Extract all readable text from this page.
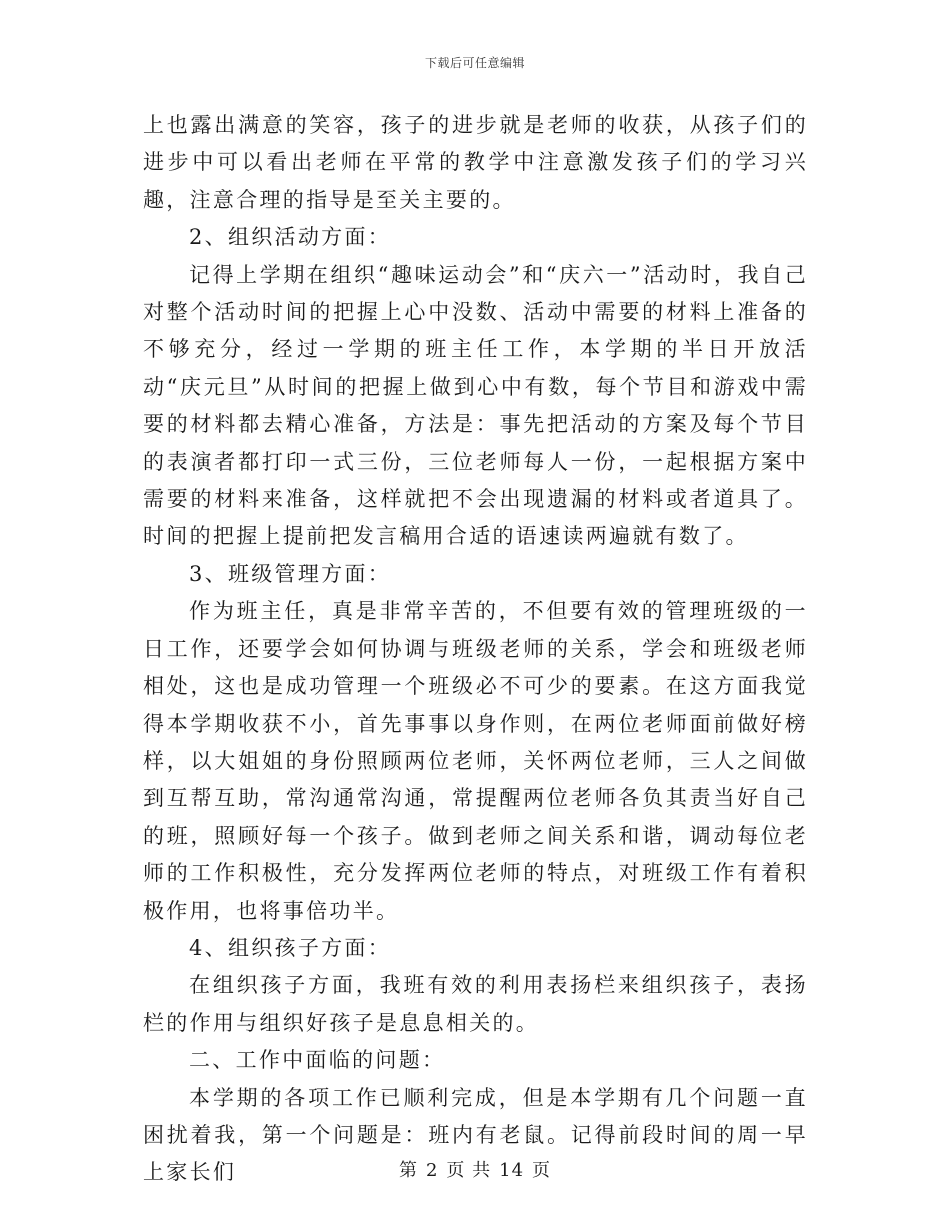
下载后可任意编辑

上也露出满意的笑容，孩子的进步就是老师的收获，从孩子们的进步中可以看出老师在平常的教学中注意激发孩子们的学习兴趣，注意合理的指导是至关主要的。

2、组织活动方面：

记得上学期在组织“趣味运动会”和“庆六一”活动时，我自己对整个活动时间的把握上心中没数、活动中需要的材料上准备的不够充分，经过一学期的班主任工作，本学期的半日开放活动“庆元旦”从时间的把握上做到心中有数，每个节目和游戏中需要的材料都去精心准备，方法是：事先把活动的方案及每个节目的表演者都打印一式三份，三位老师每人一份，一起根据方案中需要的材料来准备，这样就把不会出现遗漏的材料或者道具了。时间的把握上提前把发言稿用合适的语速读两遍就有数了。

3、班级管理方面：

作为班主任，真是非常辛苦的，不但要有效的管理班级的一日工作，还要学会如何协调与班级老师的关系，学会和班级老师相处，这也是成功管理一个班级必不可少的要素。在这方面我觉得本学期收获不小，首先事事以身作则，在两位老师面前做好榜样，以大姐姐的身份照顾两位老师，关怀两位老师，三人之间做到互帮互助，常沟通常沟通，常提醒两位老师各负其责当好自己的班，照顾好每一个孩子。做到老师之间关系和谐，调动每位老师的工作积极性，充分发挥两位老师的特点，对班级工作有着积极作用，也将事倍功半。

4、组织孩子方面：

在组织孩子方面，我班有效的利用表扬栏来组织孩子，表扬栏的作用与组织好孩子是息息相关的。

二、工作中面临的问题：

本学期的各项工作已顺利完成，但是本学期有几个问题一直困扰着我，第一个问题是：班内有老鼠。记得前段时间的周一早上家长们	第 2 页 共 14 页
